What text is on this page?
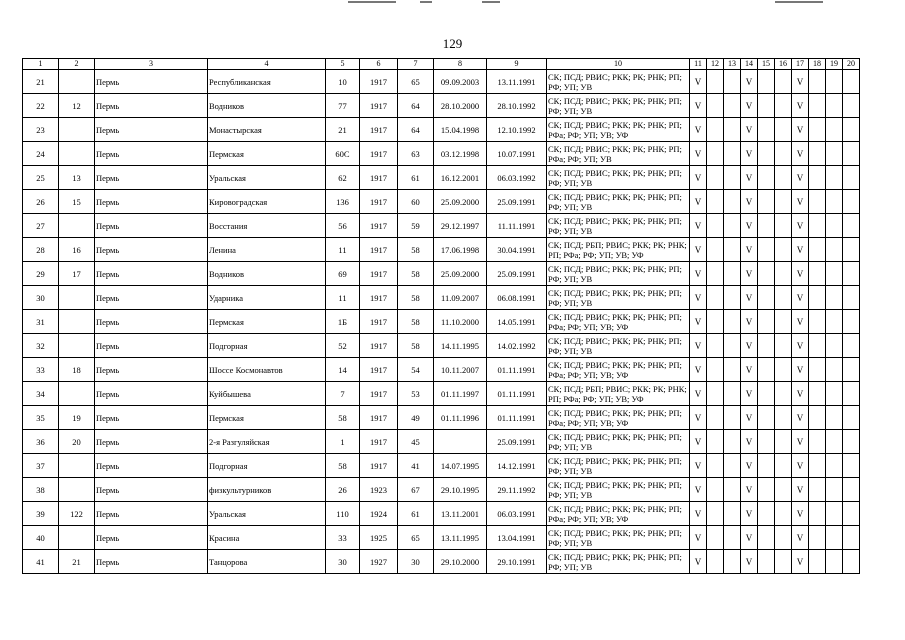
129
1	2	3	4	5	6	7	8	9	10	11	12	13	14	15	16	17	18	19	20
21		Пермь	Республиканская	10	1917	65	09.09.2003	13.11.1991	СК; ПСД; РВИС; РКК; РК; РНК; РП; РФ; УП; УВ	V			V			V			
22	12	Пермь	Водников	77	1917	64	28.10.2000	28.10.1992	СК; ПСД; РВИС; РКК; РК; РНК; РП; РФ; УП; УВ	V			V			V			
23		Пермь	Монастырская	21	1917	64	15.04.1998	12.10.1992	СК; ПСД; РВИС; РКК; РК; РНК; РП; РФа; РФ; УП; УВ; УФ	V			V			V			
24		Пермь	Пермская	60С	1917	63	03.12.1998	10.07.1991	СК; ПСД; РВИС; РКК; РК; РНК; РП; РФа; РФ; УП; УВ	V			V			V			
25	13	Пермь	Уральская	62	1917	61	16.12.2001	06.03.1992	СК; ПСД; РВИС; РКК; РК; РНК; РП; РФ; УП; УВ	V			V			V			
26	15	Пермь	Кировоградская	136	1917	60	25.09.2000	25.09.1991	СК; ПСД; РВИС; РКК; РК; РНК; РП; РФ; УП; УВ	V			V			V			
27		Пермь	Восстания	56	1917	59	29.12.1997	11.11.1991	СК; ПСД; РВИС; РКК; РК; РНК; РП; РФ; УП; УВ	V			V			V			
28	16	Пермь	Ленина	11	1917	58	17.06.1998	30.04.1991	СК; ПСД; РБП; РВИС; РКК; РК; РНК; РП; РФа; РФ; УП; УВ; УФ	V			V			V			
29	17	Пермь	Водников	69	1917	58	25.09.2000	25.09.1991	СК; ПСД; РВИС; РКК; РК; РНК; РП; РФ; УП; УВ	V			V			V			
30		Пермь	Ударника	11	1917	58	11.09.2007	06.08.1991	СК; ПСД; РВИС; РКК; РК; РНК; РП; РФ; УП; УВ	V			V			V			
31		Пермь	Пермская	1Б	1917	58	11.10.2000	14.05.1991	СК; ПСД; РВИС; РКК; РК; РНК; РП; РФа; РФ; УП; УВ; УФ	V			V			V			
32		Пермь	Подгорная	52	1917	58	14.11.1995	14.02.1992	СК; ПСД; РВИС; РКК; РК; РНК; РП; РФ; УП; УВ	V			V			V			
33	18	Пермь	Шоссе Космонавтов	14	1917	54	10.11.2007	01.11.1991	СК; ПСД; РВИС; РКК; РК; РНК; РП; РФа; РФ; УП; УВ; УФ	V			V			V			
34		Пермь	Куйбышева	7	1917	53	01.11.1997	01.11.1991	СК; ПСД; РБП; РВИС; РКК; РК; РНК; РП; РФа; РФ; УП; УВ; УФ	V			V			V			
35	19	Пермь	Пермская	58	1917	49	01.11.1996	01.11.1991	СК; ПСД; РВИС; РКК; РК; РНК; РП; РФа; РФ; УП; УВ; УФ	V			V			V			
36	20	Пермь	2-я Разгуляйская	1	1917	45		25.09.1991	СК; ПСД; РВИС; РКК; РК; РНК; РП; РФ; УП; УВ	V			V			V			
37		Пермь	Подгорная	58	1917	41	14.07.1995	14.12.1991	СК; ПСД; РВИС; РКК; РК; РНК; РП; РФ; УП; УВ	V			V			V			
38		Пермь	физкультурников	26	1923	67	29.10.1995	29.11.1992	СК; ПСД; РВИС; РКК; РК; РНК; РП; РФ; УП; УВ	V			V			V			
39	122	Пермь	Уральская	110	1924	61	13.11.2001	06.03.1991	СК; ПСД; РВИС; РКК; РК; РНК; РП; РФа; РФ; УП; УВ; УФ	V			V			V			
40		Пермь	Красина	33	1925	65	13.11.1995	13.04.1991	СК; ПСД; РВИС; РКК; РК; РНК; РП; РФ; УП; УВ	V			V			V			
41	21	Пермь	Танцорова	30	1927	30	29.10.2000	29.10.1991	СК; ПСД; РВИС; РКК; РК; РНК; РП; РФ; УП; УВ	V			V			V			
